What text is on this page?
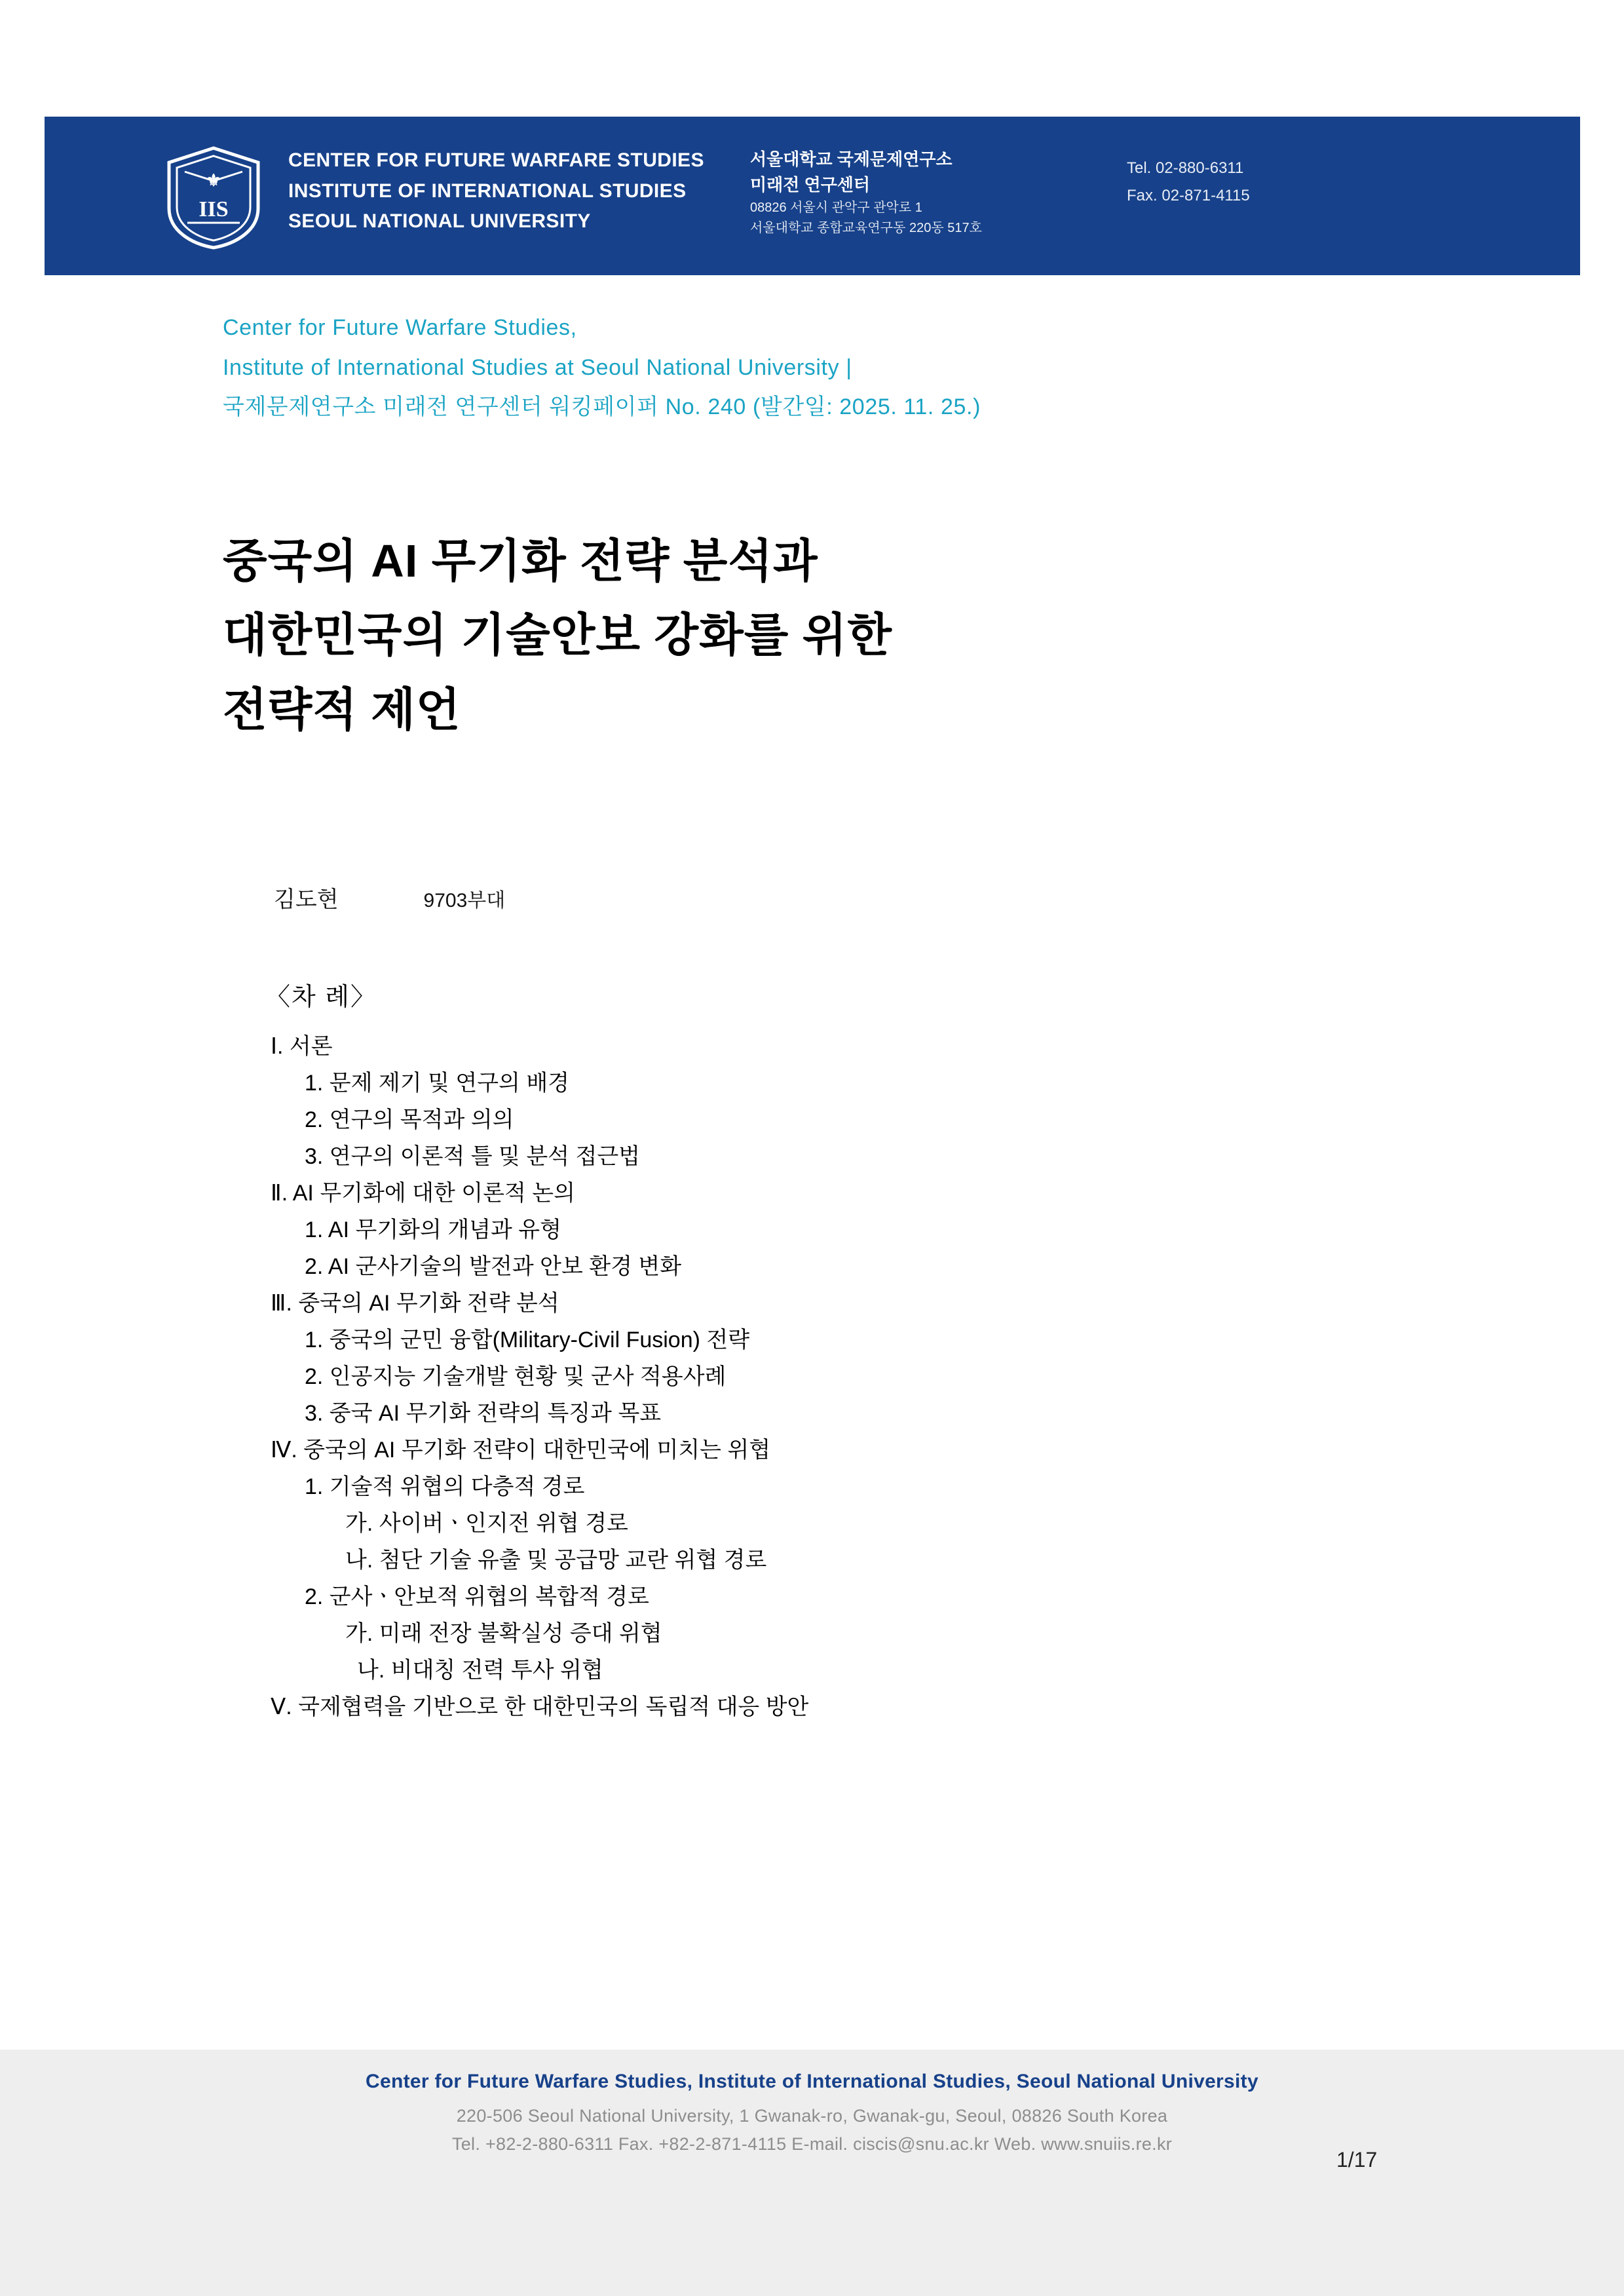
⚜
IIS
CENTER FOR FUTURE WARFARE STUDIES
INSTITUTE OF INTERNATIONAL STUDIES
SEOUL NATIONAL UNIVERSITY
서울대학교 국제문제연구소
미래전 연구센터
08826 서울시 관악구 관악로 1
서울대학교 종합교육연구동 220동 517호
Tel. 02-880-6311
Fax. 02-871-4115
Center for Future Warfare Studies,
Institute of International Studies at Seoul National University |
국제문제연구소 미래전 연구센터 워킹페이퍼 No. 240 (발간일: 2025. 11. 25.)
중국의 AI 무기화 전략 분석과
대한민국의 기술안보 강화를 위한
전략적 제언
김도현	9703부대
〈차 례〉
Ⅰ. 서론
1. 문제 제기 및 연구의 배경
2. 연구의 목적과 의의
3. 연구의 이론적 틀 및 분석 접근법
Ⅱ. AI 무기화에 대한 이론적 논의
1. AI 무기화의 개념과 유형
2. AI 군사기술의 발전과 안보 환경 변화
Ⅲ. 중국의 AI 무기화 전략 분석
1. 중국의 군민 융합(Military-Civil Fusion) 전략
2. 인공지능 기술개발 현황 및 군사 적용사례
3. 중국 AI 무기화 전략의 특징과 목표
Ⅳ. 중국의 AI 무기화 전략이 대한민국에 미치는 위협
1. 기술적 위협의 다층적 경로
가. 사이버ㆍ인지전 위협 경로
나. 첨단 기술 유출 및 공급망 교란 위협 경로
2. 군사ㆍ안보적 위협의 복합적 경로
가. 미래 전장 불확실성 증대 위협
나. 비대칭 전력 투사 위협
Ⅴ. 국제협력을 기반으로 한 대한민국의 독립적 대응 방안
Center for Future Warfare Studies, Institute of International Studies, Seoul National University
220-506 Seoul National University, 1 Gwanak-ro, Gwanak-gu, Seoul, 08826 South Korea
Tel. +82-2-880-6311 Fax. +82-2-871-4115 E-mail. ciscis@snu.ac.kr Web. www.snuiis.re.kr
1/17
